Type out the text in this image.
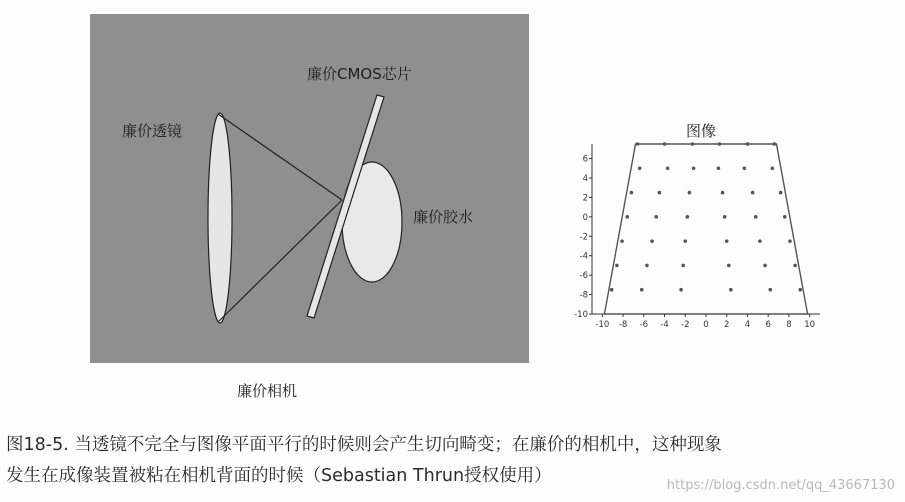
廉价透镜
廉价CMOS芯片
廉价胶水
廉价相机
图像
-10 -8 -6 -4 -2 0 2 4 6 8 10
6
4
2
0
-2
-4
-6
-8
-10
图18-5. 当透镜不完全与图像平面平行的时候则会产生切向畸变；在廉价的相机中，这种现象
发生在成像装置被粘在相机背面的时候（Sebastian Thrun授权使用）	https://blog.csdn.net/qq_43667130
